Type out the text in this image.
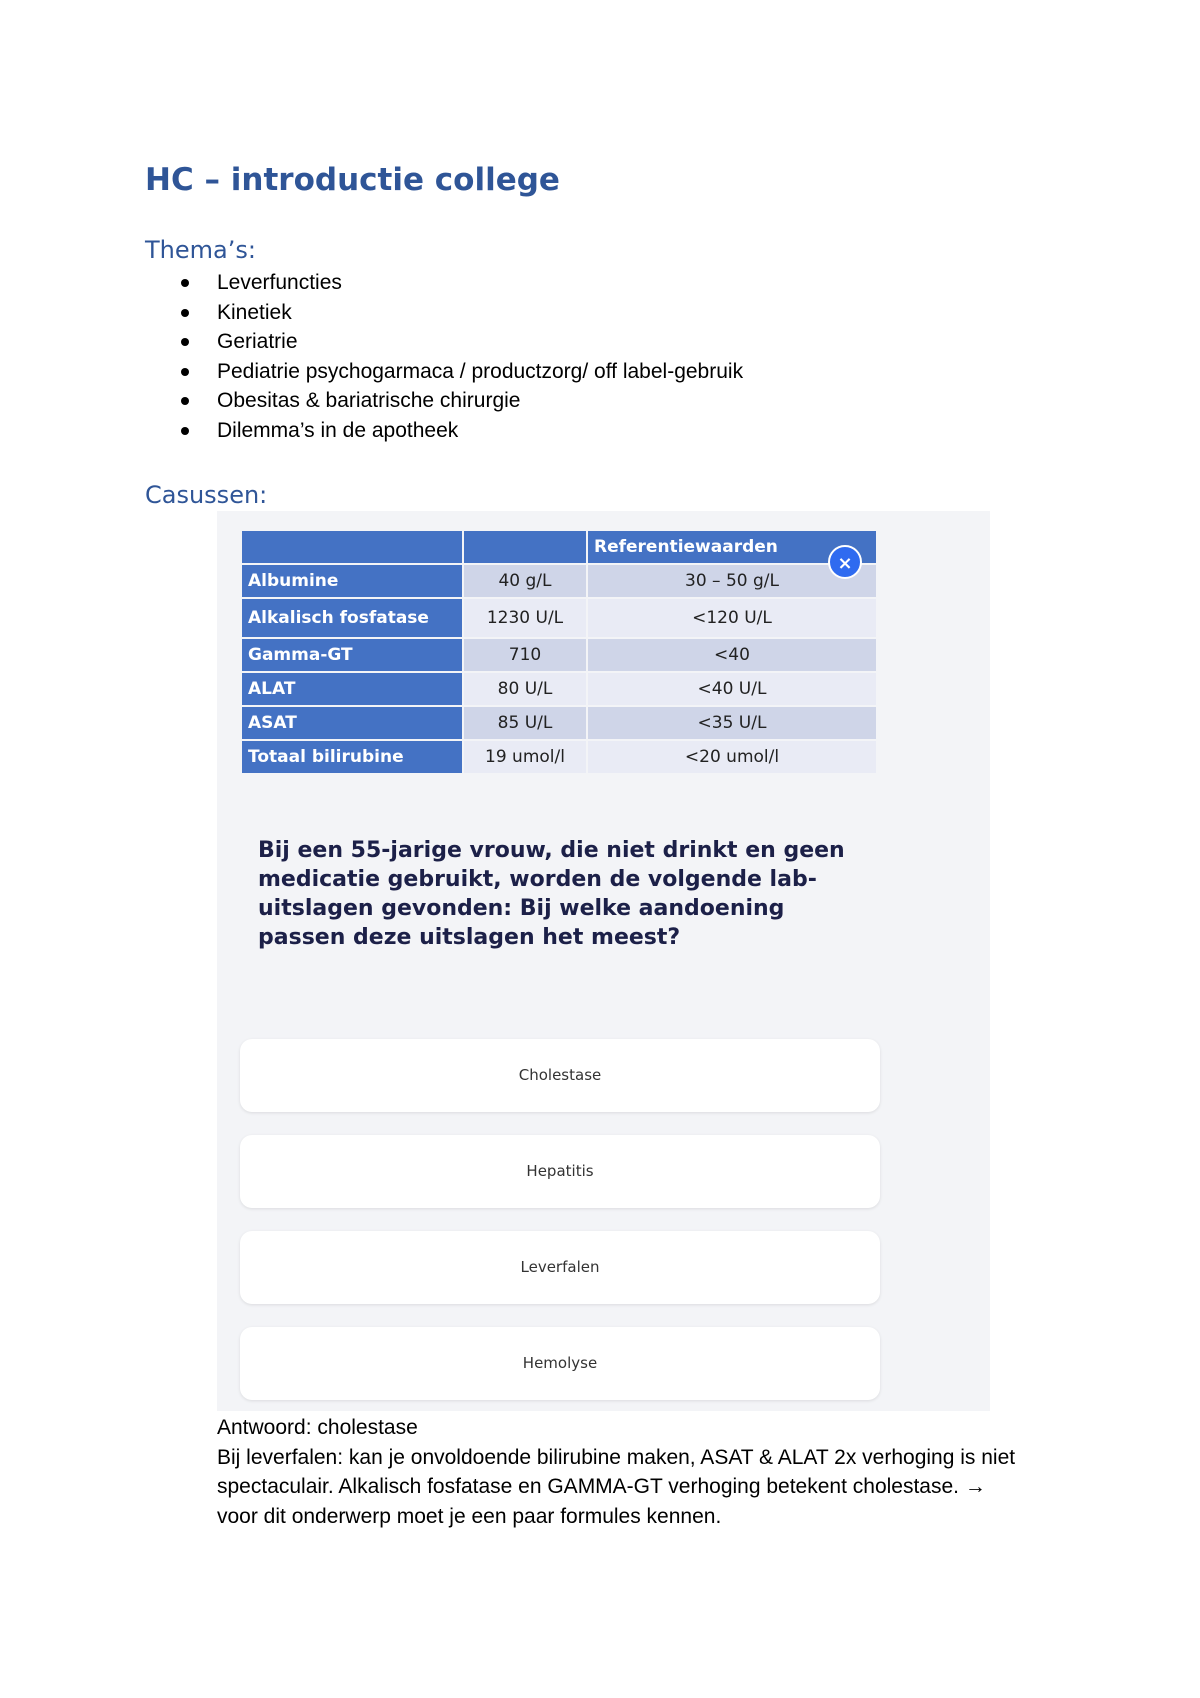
HC – introductie college
Thema’s:
Leverfuncties
Kinetiek
Geriatrie
Pediatrie psychogarmaca / productzorg/ off label-gebruik
Obesitas & bariatrische chirurgie
Dilemma’s in de apotheek
Casussen:
		Referentiewaarden
Albumine	40 g/L	30 – 50 g/L
Alkalisch fosfatase	1230 U/L	<120 U/L
Gamma-GT	710	<40
ALAT	80 U/L	<40 U/L
ASAT	85 U/L	<35 U/L
Totaal bilirubine	19 umol/l	<20 umol/l
×

Bij een 55-jarige vrouw, die niet drinkt en geen medicatie gebruikt, worden de volgende lab-uitslagen gevonden: Bij welke aandoening passen deze uitslagen het meest?

Cholestase
Hepatitis
Leverfalen
Hemolyse
Antwoord: cholestase
Bij leverfalen: kan je onvoldoende bilirubine maken, ASAT & ALAT 2x verhoging is niet
spectaculair. Alkalisch fosfatase en GAMMA-GT verhoging betekent cholestase. →
voor dit onderwerp moet je een paar formules kennen.
